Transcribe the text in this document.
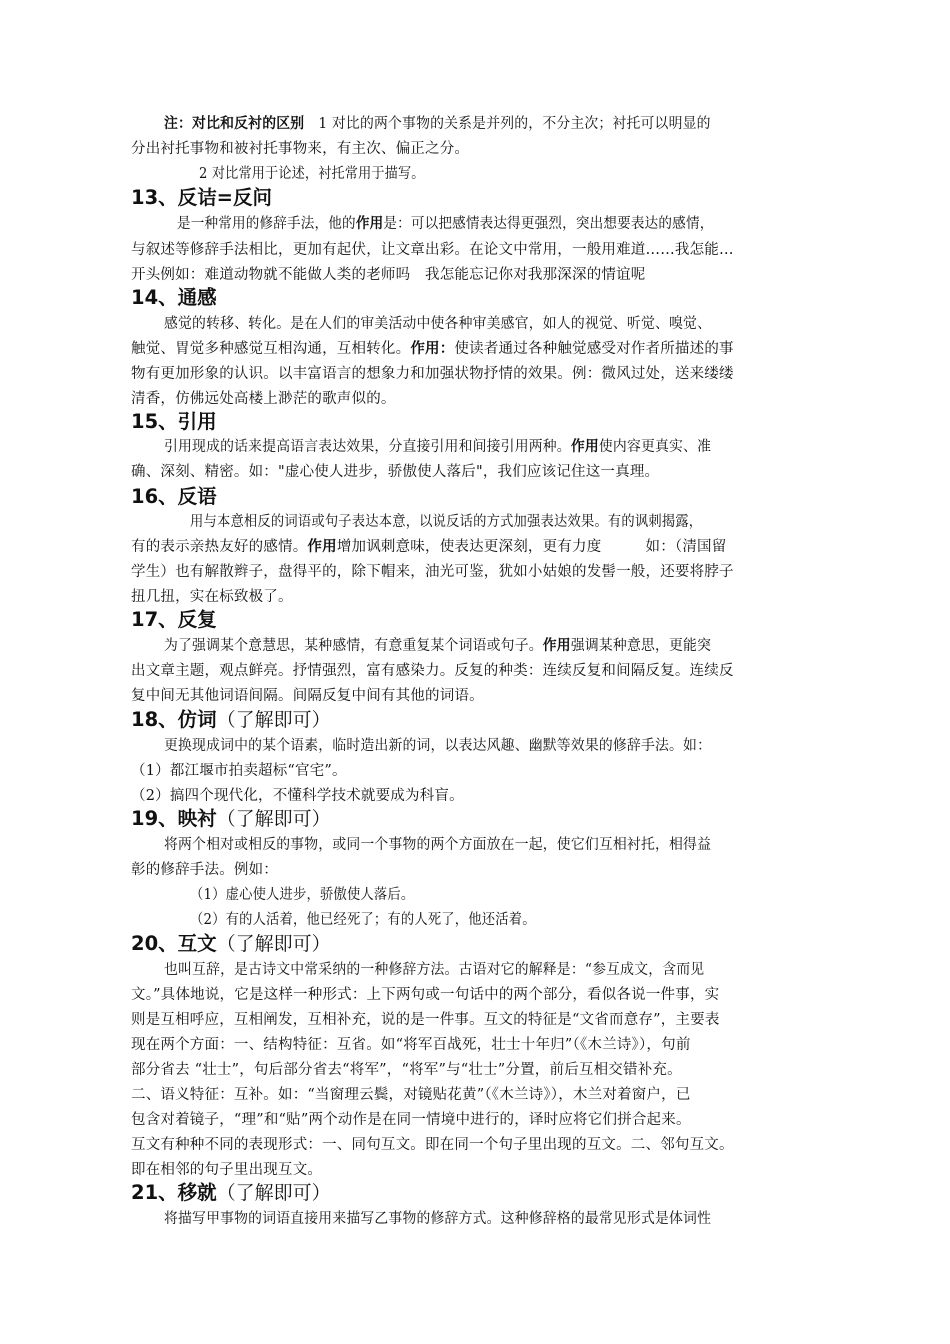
注：对比和反衬的区别　 1 对比的两个事物的关系是并列的，不分主次；衬托可以明显的
分出衬托事物和被衬托事物来，有主次、偏正之分。
2 对比常用于论述，衬托常用于描写。
13、反诘=反问
是一种常用的修辞手法，他的作用是：可以把感情表达得更强烈，突出想要表达的感情，
与叙述等修辞手法相比，更加有起伏，让文章出彩。在论文中常用，一般用难道……我怎能…
开头例如：难道动物就不能做人类的老师吗　我怎能忘记你对我那深深的情谊呢
14、通感
感觉的转移、转化。是在人们的审美活动中使各种审美感官，如人的视觉、听觉、嗅觉、
触觉、胃觉多种感觉互相沟通，互相转化。作用：使读者通过各种触觉感受对作者所描述的事
物有更加形象的认识。以丰富语言的想象力和加强状物抒情的效果。例：微风过处，送来缕缕
清香，仿佛远处高楼上渺茫的歌声似的。
15、引用
引用现成的话来提高语言表达效果，分直接引用和间接引用两种。作用使内容更真实、准
确、深刻、精密。如："虚心使人进步，骄傲使人落后"，我们应该记住这一真理。
16、反语
用与本意相反的词语或句子表达本意，以说反话的方式加强表达效果。有的讽刺揭露，
有的表示亲热友好的感情。作用增加讽刺意味，使表达更深刻，更有力度　　　如：（清国留
学生）也有解散辫子，盘得平的，除下帽来，油光可鉴，犹如小姑娘的发髻一般，还要将脖子
扭几扭，实在标致极了。
17、反复
为了强调某个意慧思，某种感情，有意重复某个词语或句子。作用强调某种意思，更能突
出文章主题，观点鲜亮。抒情强烈，富有感染力。反复的种类：连续反复和间隔反复。连续反
复中间无其他词语间隔。间隔反复中间有其他的词语。
18、仿词（了解即可）
更换现成词中的某个语素，临时造出新的词，以表达风趣、幽默等效果的修辞手法。如：
（1）都江堰市拍卖超标“官宅”。
（2）搞四个现代化，不懂科学技术就要成为科盲。
19、映衬（了解即可）
将两个相对或相反的事物，或同一个事物的两个方面放在一起，使它们互相衬托，相得益
彰的修辞手法。例如：
（1）虚心使人进步，骄傲使人落后。
（2）有的人活着，他已经死了；有的人死了，他还活着。
20、互文（了解即可）
也叫互辞，是古诗文中常采纳的一种修辞方法。古语对它的解释是：“参互成文，含而见
文。”具体地说，它是这样一种形式：上下两句或一句话中的两个部分，看似各说一件事，实
则是互相呼应，互相阐发，互相补充，说的是一件事。互文的特征是“文省而意存”，主要表
现在两个方面：一、结构特征：互省。如“将军百战死，壮士十年归”（《木兰诗》），句前
部分省去 “壮士”，句后部分省去“将军”，“将军”与“壮士”分置，前后互相交错补充。
二、语义特征：互补。如：“当窗理云鬓，对镜贴花黄”（《木兰诗》），木兰对着窗户，已
包含对着镜子，“理”和“贴”两个动作是在同一情境中进行的，译时应将它们拼合起来。
互文有种种不同的表现形式：一、同句互文。即在同一个句子里出现的互文。二、邻句互文。
即在相邻的句子里出现互文。
21、移就（了解即可）
将描写甲事物的词语直接用来描写乙事物的修辞方式。这种修辞格的最常见形式是体词性
